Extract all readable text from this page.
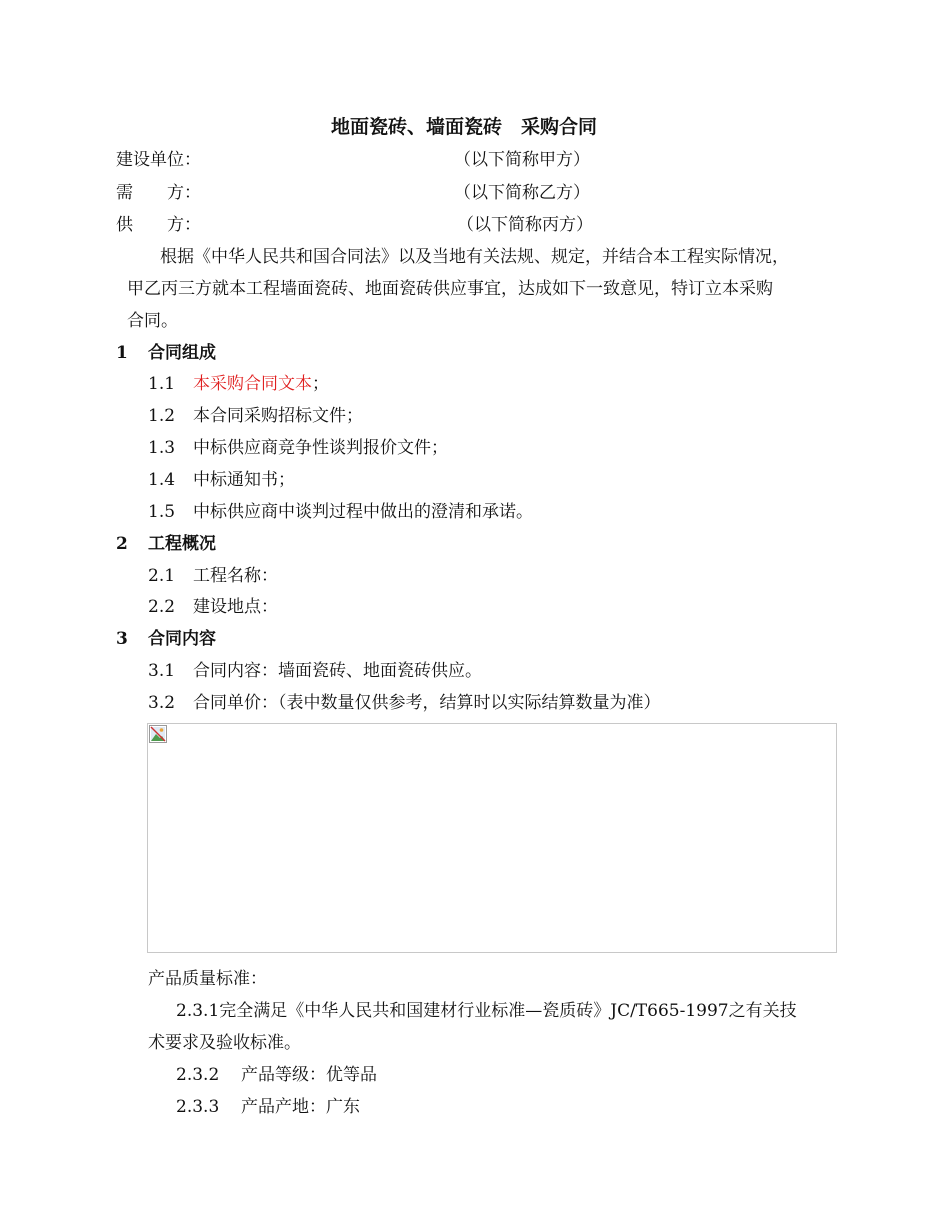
地面瓷砖、墙面瓷砖　采购合同
建设单位：	（以下简称甲方）
需　　方：	（以下简称乙方）
供　　方：	（以下简称丙方）
根据《中华人民共和国合同法》以及当地有关法规、规定，并结合本工程实际情况，
甲乙丙三方就本工程墙面瓷砖、地面瓷砖供应事宜，达成如下一致意见，特订立本采购
合同。
1 合同组成
1.1 本采购合同文本；
1.2 本合同采购招标文件；
1.3 中标供应商竞争性谈判报价文件；
1.4 中标通知书；
1.5 中标供应商中谈判过程中做出的澄清和承诺。
2 工程概况
2.1 工程名称：
2.2 建设地点：
3 合同内容
3.1 合同内容：墙面瓷砖、地面瓷砖供应。
3.2 合同单价：（表中数量仅供参考，结算时以实际结算数量为准）
产品质量标准：
2.3.1完全满足《中华人民共和国建材行业标准—瓷质砖》JC/T665-1997之有关技
术要求及验收标准。
2.3.2 产品等级：优等品
2.3.3 产品产地：广东
